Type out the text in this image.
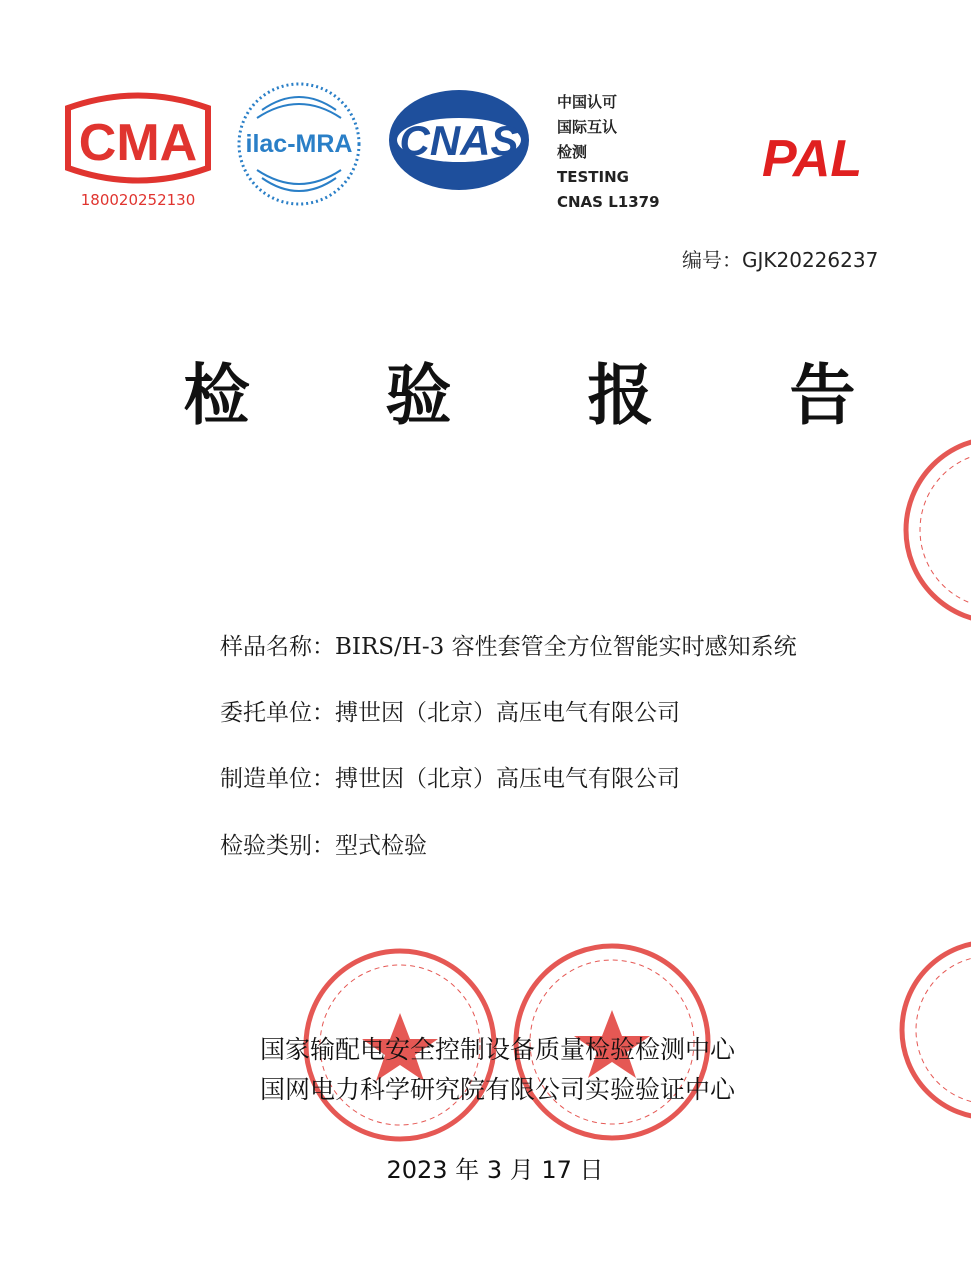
CMA
180020252130
ilac-MRA CNAS
中国认可
国际互认
检测
TESTING
CNAS L1379
PAL
编号：GJK20226237
检 验 报 告
样品名称：BIRS/H-3 容性套管全方位智能实时感知系统
委托单位：搏世因（北京）高压电气有限公司
制造单位：搏世因（北京）高压电气有限公司
检验类别：型式检验
国家输配电安全控制设备质量检验检测中心
国网电力科学研究院有限公司实验验证中心
2023 年 3 月 17 日
